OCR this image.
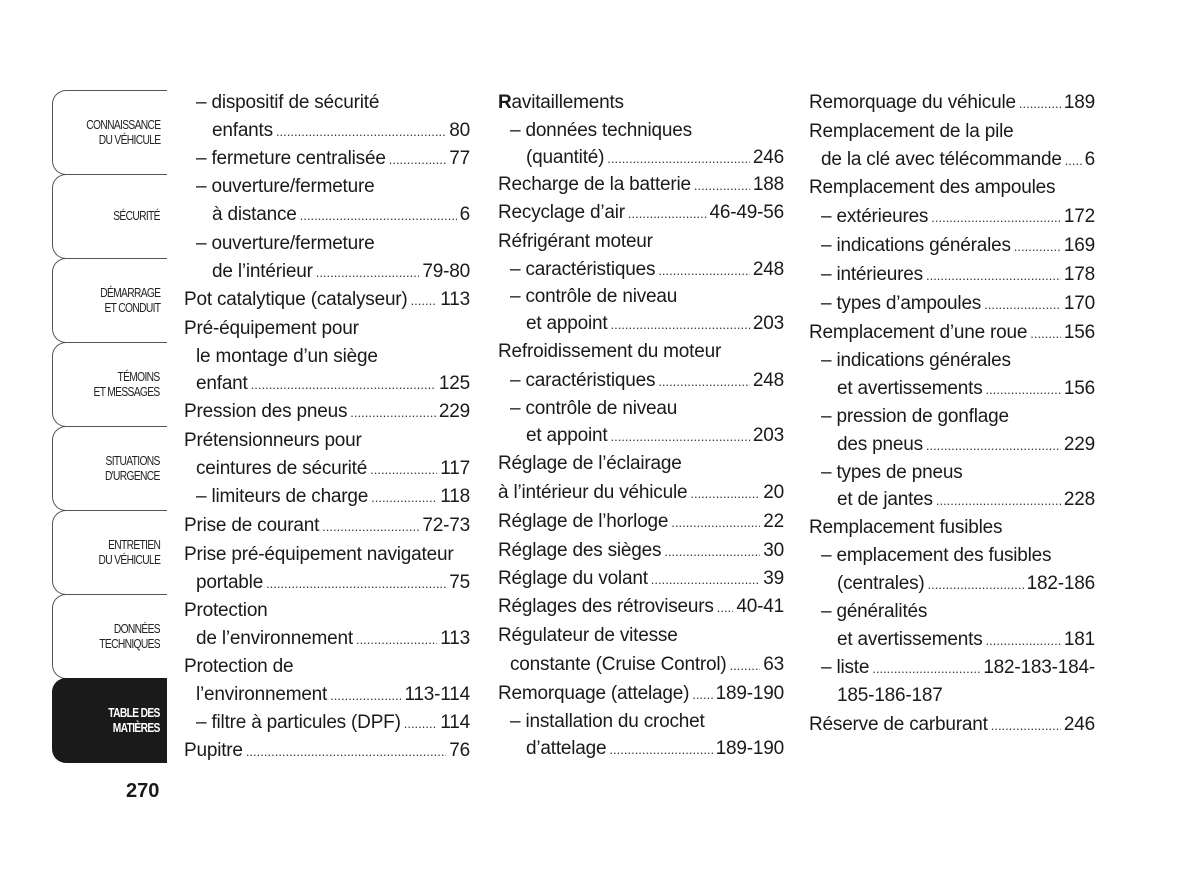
CONNAISSANCE
DU VÉHICULE
SÉCURITÉ
DÉMARRAGE
ET CONDUIT
TÉMOINS
ET MESSAGES
SITUATIONS
D'URGENCE
ENTRETIEN
DU VÉHICULE
DONNÉES
TECHNIQUES
TABLE DES
MATIÈRES
270
– dispositif de sécurité
enfants .....	80
– fermeture centralisée .....	77
– ouverture/fermeture
à distance .....	6
– ouverture/fermeture
de l’intérieur .....	79-80
Pot catalytique (catalyseur) ..... 113
Pré-équipement pour
le montage d’un siège
enfant .....	125
Pression des pneus .....	229
Prétensionneurs pour
ceintures de sécurité .....	117
– limiteurs de charge .....	118
Prise de courant .....	72-73
Prise pré-équipement navigateur
portable .....	75
Protection
de l’environnement .....	113
Protection de
l’environnement .....	113-114
– filtre à particules (DPF) ..... 114
Pupitre .....	76
Ravitaillements
– données techniques
(quantité) .....	246
Recharge de la batterie .....	188
Recyclage d’air .....	46-49-56
Réfrigérant moteur
– caractéristiques .....	248
– contrôle de niveau
et appoint .....	203
Refroidissement du moteur
– caractéristiques .....	248
– contrôle de niveau
et appoint .....	203
Réglage de l’éclairage
à l’intérieur du véhicule .....	20
Réglage de l’horloge .....	22
Réglage des sièges .....	30
Réglage du volant .....	39
Réglages des rétroviseurs ..... 40-41
Régulateur de vitesse
constante (Cruise Control) ..... 63
Remorquage (attelage) ..... 189-190
– installation du crochet
d’attelage .....	189-190
Remorquage du véhicule .....	189
Remplacement de la pile
de la clé avec télécommande ..... 6
Remplacement des ampoules
– extérieures .....	172
– indications générales .....	169
– intérieures .....	178
– types d’ampoules .....	170
Remplacement d’une roue ..... 156
– indications générales
et avertissements .....	156
– pression de gonflage
des pneus .....	229
– types de pneus
et de jantes .....	228
Remplacement fusibles
– emplacement des fusibles
(centrales) .....	182-186
– généralités
et avertissements .....	181
– liste .....	182-183-184-
185-186-187
Réserve de carburant .....	246
